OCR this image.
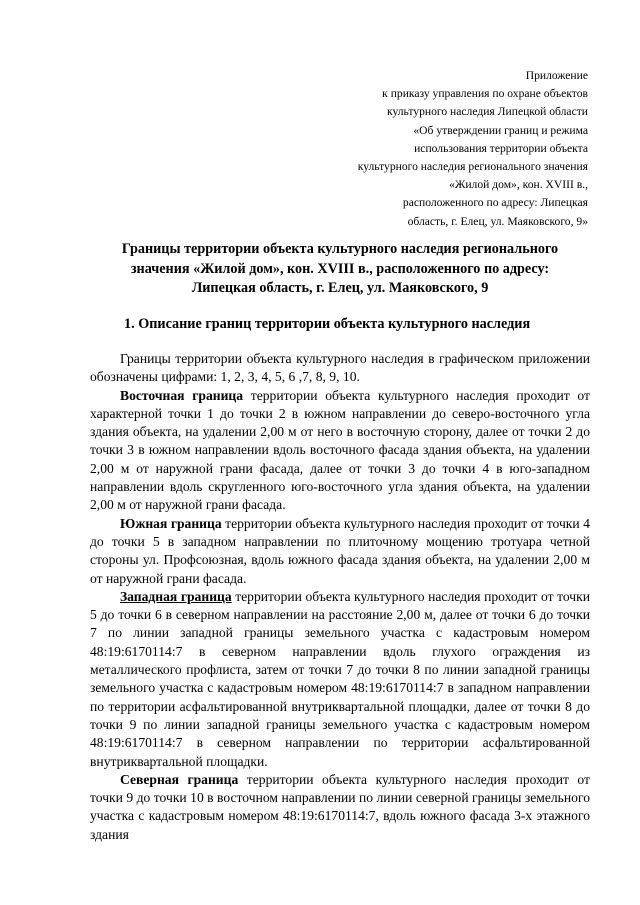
Приложение
к приказу управления по охране объектов
культурного наследия Липецкой области
«Об утверждении границ и режима
использования территории объекта
культурного наследия регионального значения
«Жилой дом», кон. XVIII в.,
расположенного по адресу: Липецкая
область, г. Елец, ул. Маяковского, 9»
Границы территории объекта культурного наследия регионального
значения «Жилой дом», кон. XVIII в., расположенного по адресу:
Липецкая область, г. Елец, ул. Маяковского, 9
1. Описание границ территории объекта культурного наследия

Границы территории объекта культурного наследия в графическом приложении обозначены цифрами: 1, 2, 3, 4, 5, 6 ,7, 8, 9, 10.

Восточная граница территории объекта культурного наследия проходит от характерной точки 1 до точки 2 в южном направлении до северо-восточного угла здания объекта, на удалении 2,00 м от него в восточную сторону, далее от точки 2 до точки 3 в южном направлении вдоль восточного фасада здания объекта, на удалении 2,00 м от наружной грани фасада, далее от точки 3 до точки 4 в юго-западном направлении вдоль скругленного юго-восточного угла здания объекта, на удалении 2,00 м от наружной грани фасада.

Южная граница территории объекта культурного наследия проходит от точки 4 до точки 5 в западном направлении по плиточному мощению тротуара четной стороны ул. Профсоюзная, вдоль южного фасада здания объекта, на удалении 2,00 м от наружной грани фасада.

Западная граница территории объекта культурного наследия проходит от точки 5 до точки 6 в северном направлении на расстояние 2,00 м, далее от точки 6 до точки 7 по линии западной границы земельного участка с кадастровым номером 48:19:6170114:7 в северном направлении вдоль глухого ограждения из металлического профлиста, затем от точки 7 до точки 8 по линии западной границы земельного участка с кадастровым номером 48:19:6170114:7 в западном направлении по территории асфальтированной внутриквартальной площадки, далее от точки 8 до точки 9 по линии западной границы земельного участка с кадастровым номером 48:19:6170114:7 в северном направлении по территории асфальтированной внутриквартальной площадки.

Северная граница территории объекта культурного наследия проходит от точки 9 до точки 10 в восточном направлении по линии северной границы земельного участка с кадастровым номером 48:19:6170114:7, вдоль южного фасада 3-х этажного здания
